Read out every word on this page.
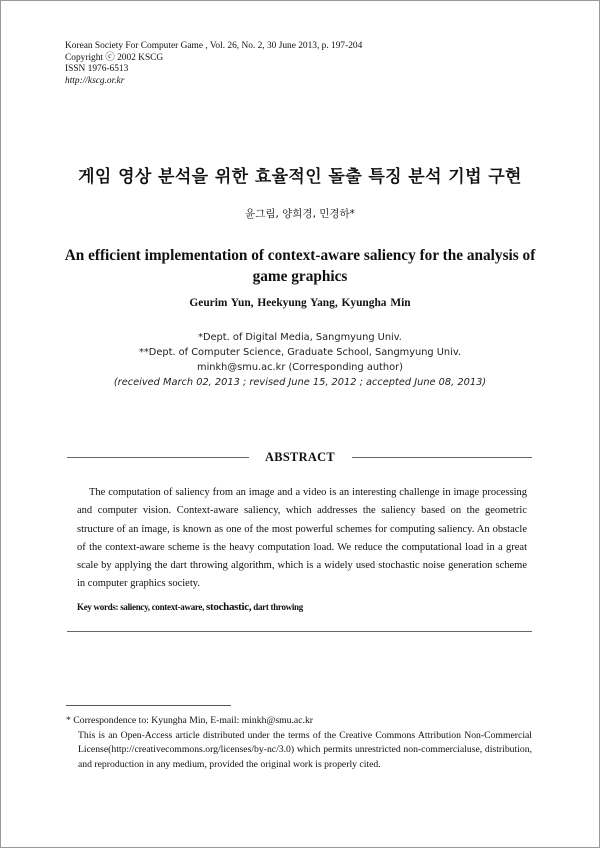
Korean Society For Computer Game , Vol. 26, No. 2, 30 June 2013, p. 197-204
Copyright ⓒ 2002 KSCG
ISSN 1976-6513
http://kscg.or.kr
게임 영상 분석을 위한 효율적인 돌출 특징 분석 기법 구현
윤그림, 양희경, 민경하*
An efficient implementation of context-aware saliency for the analysis of game graphics
Geurim Yun, Heekyung Yang, Kyungha Min
*Dept. of Digital Media, Sangmyung Univ.
**Dept. of Computer Science, Graduate School, Sangmyung Univ.
minkh@smu.ac.kr (Corresponding author)
(received March 02, 2013 ; revised June 15, 2012 ; accepted June 08, 2013)
ABSTRACT

The computation of saliency from an image and a video is an interesting challenge in image processing and computer vision. Context-aware saliency, which addresses the saliency based on the geometric structure of an image, is known as one of the most powerful schemes for computing saliency. An obstacle of the context-aware scheme is the heavy computation load. We reduce the computational load in a great scale by applying the dart throwing algorithm, which is a widely used stochastic noise generation scheme in computer graphics society.

Key words: saliency, context-aware, stochastic, dart throwing
* Correspondence to: Kyungha Min, E-mail: minkh@smu.ac.kr

This is an Open-Access article distributed under the terms of the Creative Commons Attribution Non-Commercial License(http://creativecommons.org/licenses/by-nc/3.0) which permits unrestricted non-commercialuse, distribution, and reproduction in any medium, provided the original work is properly cited.
